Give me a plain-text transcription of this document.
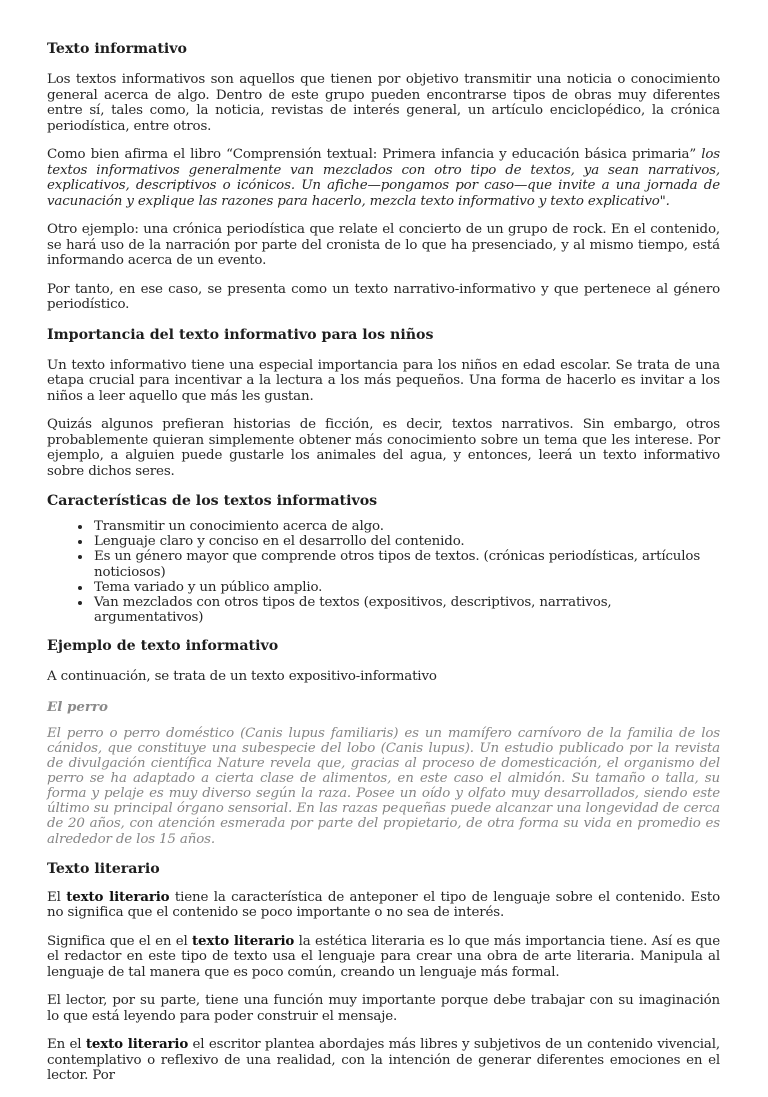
Texto informativo

Los textos informativos son aquellos que tienen por objetivo transmitir una noticia o conocimiento general acerca de algo. Dentro de este grupo pueden encontrarse tipos de obras muy diferentes entre sí, tales como, la noticia, revistas de interés general, un artículo enciclopédico, la crónica periodística, entre otros.

Como bien afirma el libro “Comprensión textual: Primera infancia y educación básica primaria” los textos informativos generalmente van mezclados con otro tipo de textos, ya sean narrativos, explicativos, descriptivos o icónicos. Un afiche—pongamos por caso—que invite a una jornada de vacunación y explique las razones para hacerlo, mezcla texto informativo y texto explicativo".

Otro ejemplo: una crónica periodística que relate el concierto de un grupo de rock. En el contenido, se hará uso de la narración por parte del cronista de lo que ha presenciado, y al mismo tiempo, está informando acerca de un evento.

Por tanto, en ese caso, se presenta como un texto narrativo-informativo y que pertenece al género periodístico.

Importancia del texto informativo para los niños

Un texto informativo tiene una especial importancia para los niños en edad escolar. Se trata de una etapa crucial para incentivar a la lectura a los más pequeños. Una forma de hacerlo es invitar a los niños a leer aquello que más les gustan.

Quizás algunos prefieran historias de ficción, es decir, textos narrativos. Sin embargo, otros probablemente quieran simplemente obtener más conocimiento sobre un tema que les interese. Por ejemplo, a alguien puede gustarle los animales del agua, y entonces, leerá un texto informativo sobre dichos seres.

Características de los textos informativos
• Transmitir un conocimiento acerca de algo.
• Lenguaje claro y conciso en el desarrollo del contenido.
• Es un género mayor que comprende otros tipos de textos. (crónicas periodísticas, artículos noticiosos)
• Tema variado y un público amplio.
• Van mezclados con otros tipos de textos (expositivos, descriptivos, narrativos, argumentativos)
Ejemplo de texto informativo

A continuación, se trata de un texto expositivo-informativo

El perro

El perro o perro doméstico (Canis lupus familiaris) es un mamífero carnívoro de la familia de los cánidos, que constituye una subespecie del lobo (Canis lupus). Un estudio publicado por la revista de divulgación científica Nature revela que, gracias al proceso de domesticación, el organismo del perro se ha adaptado a cierta clase de alimentos, en este caso el almidón. Su tamaño o talla, su forma y pelaje es muy diverso según la raza. Posee un oído y olfato muy desarrollados, siendo este último su principal órgano sensorial. En las razas pequeñas puede alcanzar una longevidad de cerca de 20 años, con atención esmerada por parte del propietario, de otra forma su vida en promedio es alrededor de los 15 años.

Texto literario

El texto literario tiene la característica de anteponer el tipo de lenguaje sobre el contenido. Esto no significa que el contenido se poco importante o no sea de interés.

Significa que el en el texto literario la estética literaria es lo que más importancia tiene. Así es que el redactor en este tipo de texto usa el lenguaje para crear una obra de arte literaria. Manipula al lenguaje de tal manera que es poco común, creando un lenguaje más formal.

El lector, por su parte, tiene una función muy importante porque debe trabajar con su imaginación lo que está leyendo para poder construir el mensaje.

En el texto literario el escritor plantea abordajes más libres y subjetivos de un contenido vivencial, contemplativo o reflexivo de una realidad, con la intención de generar diferentes emociones en el lector. Por
